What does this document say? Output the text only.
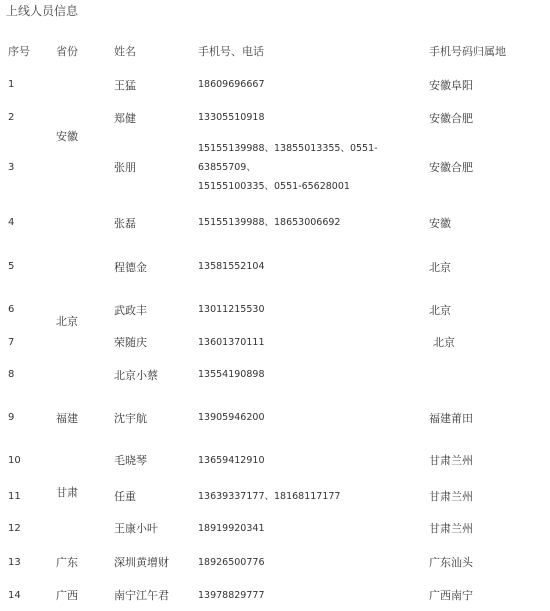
上线人员信息
序号	省份	姓名	手机号、电话	手机号码归属地
1	安徽	王猛	18609696667	安徽阜阳
2		郑健	13305510918	安徽合肥
3		张朋	15155139988、13855013355、0551-63855709、
15155100335、0551-65628001	安徽合肥
4		张磊	15155139988、18653006692	安徽
5	北京	程德金	13581552104	北京
6		武政丰	13011215530	北京
7		荣随庆	13601370111	北京
8		北京小蔡	13554190898	
9	福建	沈宇航	13905946200	福建莆田
10	甘肃	毛晓琴	13659412910	甘肃兰州
11		任重	13639337177、18168117177	甘肃兰州
12		王康小叶	18919920341	甘肃兰州
13	广东	深圳黄增财	18926500776	广东汕头
14	广西	南宁江午君	13978829777	广西南宁
